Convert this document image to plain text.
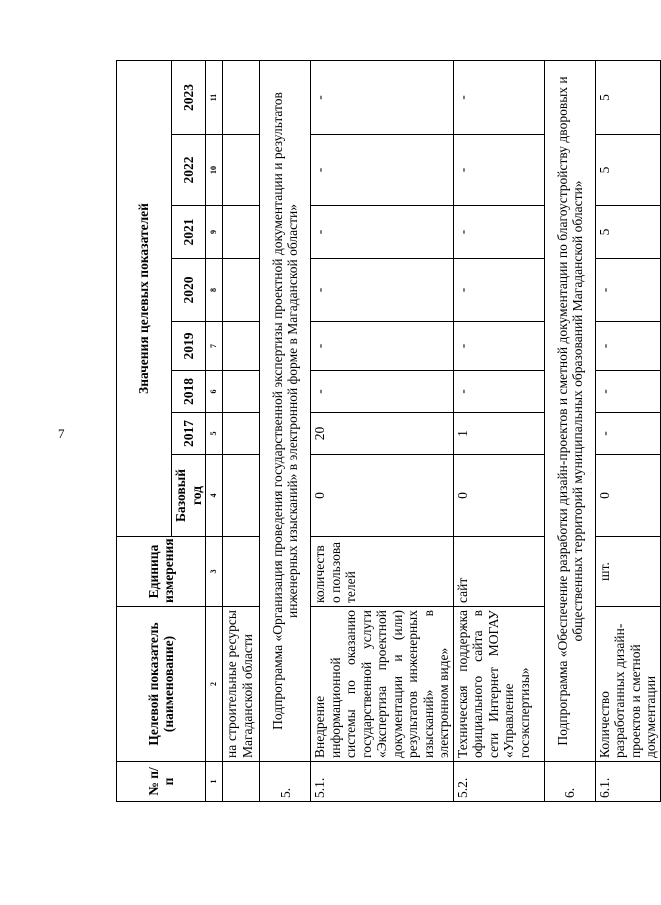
7
№ п/п	Целевой показатель (наименование)	Единица измерения	Значения целевых показателей							
			Базовый год	2017	2018	2019	2020	2021	2022	2023
1	2	3	4	5	6	7	8	9	10	11
	на строительные ресурсы Магаданской области									
5.	Подпрограмма «Организация проведения государственной экспертизы проектной документации и результатов инженерных изысканий» в электронной форме в Магаданской области»									
5.1.	Внедрение информационной системы по оказанию государственной услуги «Экспертиза проектной документации и (или) результатов инженерных изысканий» в электронном виде»	количество пользователей	0	20	-	-	-	-	-	-
5.2.	Техническая поддержка официального сайта в сети Интернет МОГАУ «Управление госэкспертизы»	сайт	0	1	-	-	-	-	-	-
6.	Подпрограмма «Обеспечение разработки дизайн-проектов и сметной документации по благоустройству дворовых и общественных территорий муниципальных образований Магаданской области»									
6.1.	Количество разработанных дизайн-проектов и сметной документации	шт.	0	-	-	-	-	5	5	5
